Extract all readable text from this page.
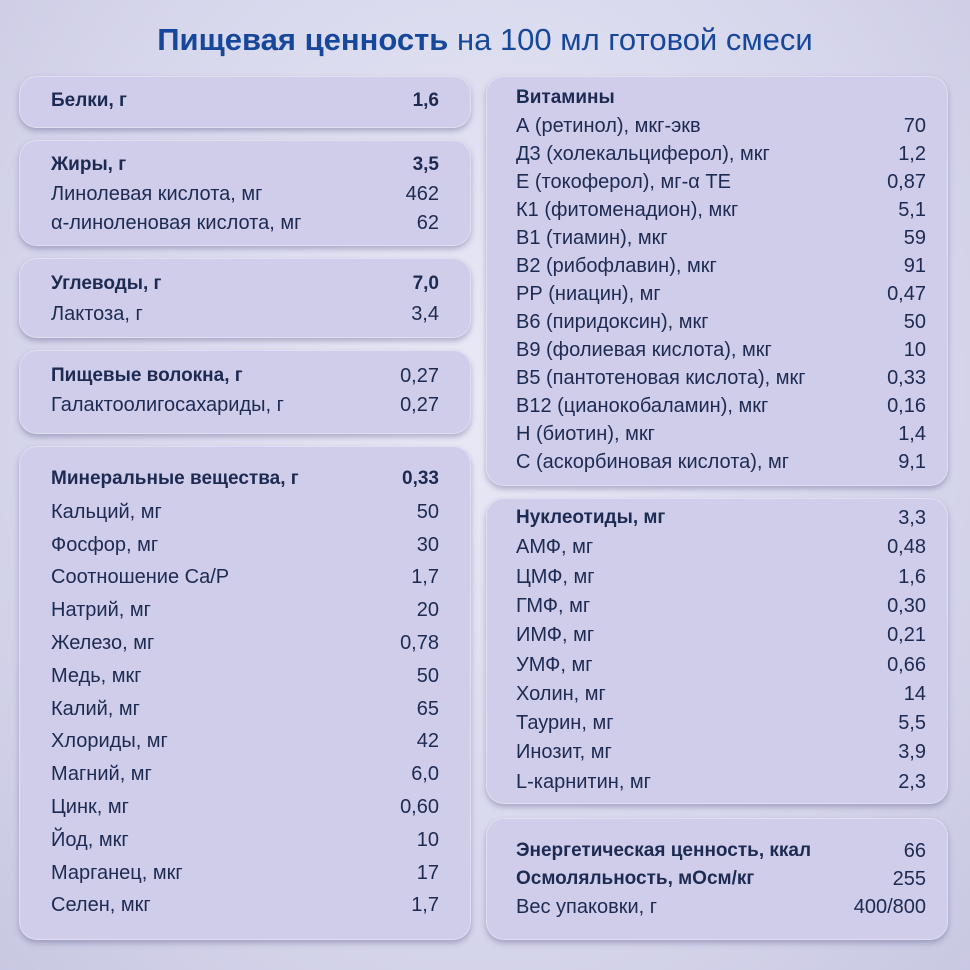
Пищевая ценность на 100 мл готовой смеси
Белки, г	1,6
Жиры, г	3,5
Линолевая кислота, мг	462
α-линоленовая кислота, мг	62
Углеводы, г	7,0
Лактоза, г	3,4
Пищевые волокна, г	0,27
Галактоолигосахариды, г	0,27
Минеральные вещества, г	0,33
Кальций, мг	50
Фосфор, мг	30
Соотношение Ca/P	1,7
Натрий, мг	20
Железо, мг	0,78
Медь, мкг	50
Калий, мг	65
Хлориды, мг	42
Магний, мг	6,0
Цинк, мг	0,60
Йод, мкг	10
Марганец, мкг	17
Селен, мкг	1,7
Витамины
А (ретинол), мкг-экв	70
Д3 (холекальциферол), мкг	1,2
Е (токоферол), мг-α ТЕ	0,87
К1 (фитоменадион), мкг	5,1
В1 (тиамин), мкг	59
В2 (рибофлавин), мкг	91
РР (ниацин), мг	0,47
В6 (пиридоксин), мкг	50
В9 (фолиевая кислота), мкг	10
В5 (пантотеновая кислота), мкг	0,33
В12 (цианокобаламин), мкг	0,16
Н (биотин), мкг	1,4
С (аскорбиновая кислота), мг	9,1
Нуклеотиды, мг	3,3
АМФ, мг	0,48
ЦМФ, мг	1,6
ГМФ, мг	0,30
ИМФ, мг	0,21
УМФ, мг	0,66
Холин, мг	14
Таурин, мг	5,5
Инозит, мг	3,9
L-карнитин, мг	2,3
Энергетическая ценность, ккал	66
Осмоляльность, мОсм/кг	255
Вес упаковки, г	400/800
